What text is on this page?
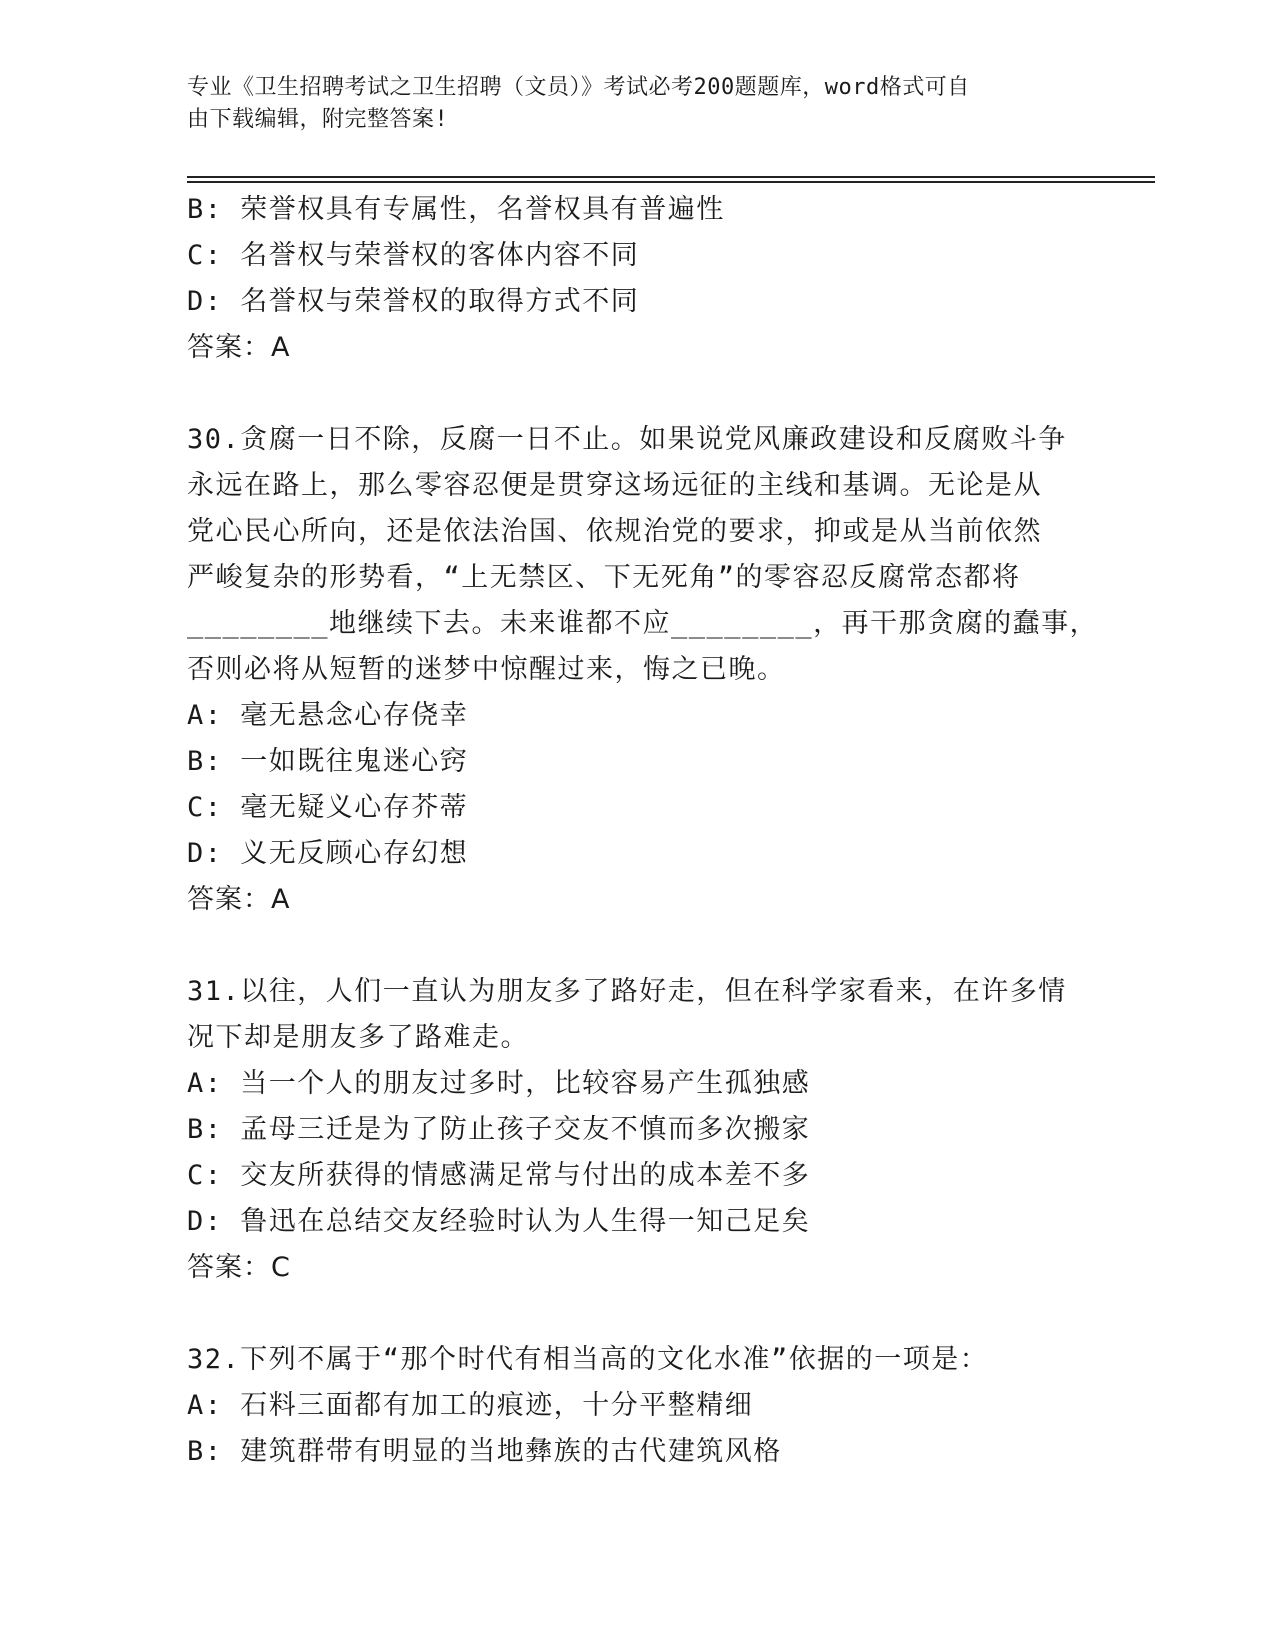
专业《卫生招聘考试之卫生招聘（文员）》考试必考200题题库，word格式可自
由下载编辑，附完整答案!
B: 荣誉权具有专属性，名誉权具有普遍性
C: 名誉权与荣誉权的客体内容不同
D: 名誉权与荣誉权的取得方式不同
答案：A
30.贪腐一日不除，反腐一日不止。如果说党风廉政建设和反腐败斗争
永远在路上，那么零容忍便是贯穿这场远征的主线和基调。无论是从
党心民心所向，还是依法治国、依规治党的要求，抑或是从当前依然
严峻复杂的形势看，“上无禁区、下无死角”的零容忍反腐常态都将
________地继续下去。未来谁都不应________，再干那贪腐的蠢事，
否则必将从短暂的迷梦中惊醒过来，悔之已晚。
A: 毫无悬念心存侥幸
B: 一如既往鬼迷心窍
C: 毫无疑义心存芥蒂
D: 义无反顾心存幻想
答案：A
31.以往，人们一直认为朋友多了路好走，但在科学家看来，在许多情
况下却是朋友多了路难走。
A: 当一个人的朋友过多时，比较容易产生孤独感
B: 孟母三迁是为了防止孩子交友不慎而多次搬家
C: 交友所获得的情感满足常与付出的成本差不多
D: 鲁迅在总结交友经验时认为人生得一知己足矣
答案：C
32.下列不属于“那个时代有相当高的文化水准”依据的一项是：
A: 石料三面都有加工的痕迹，十分平整精细
B: 建筑群带有明显的当地彝族的古代建筑风格
